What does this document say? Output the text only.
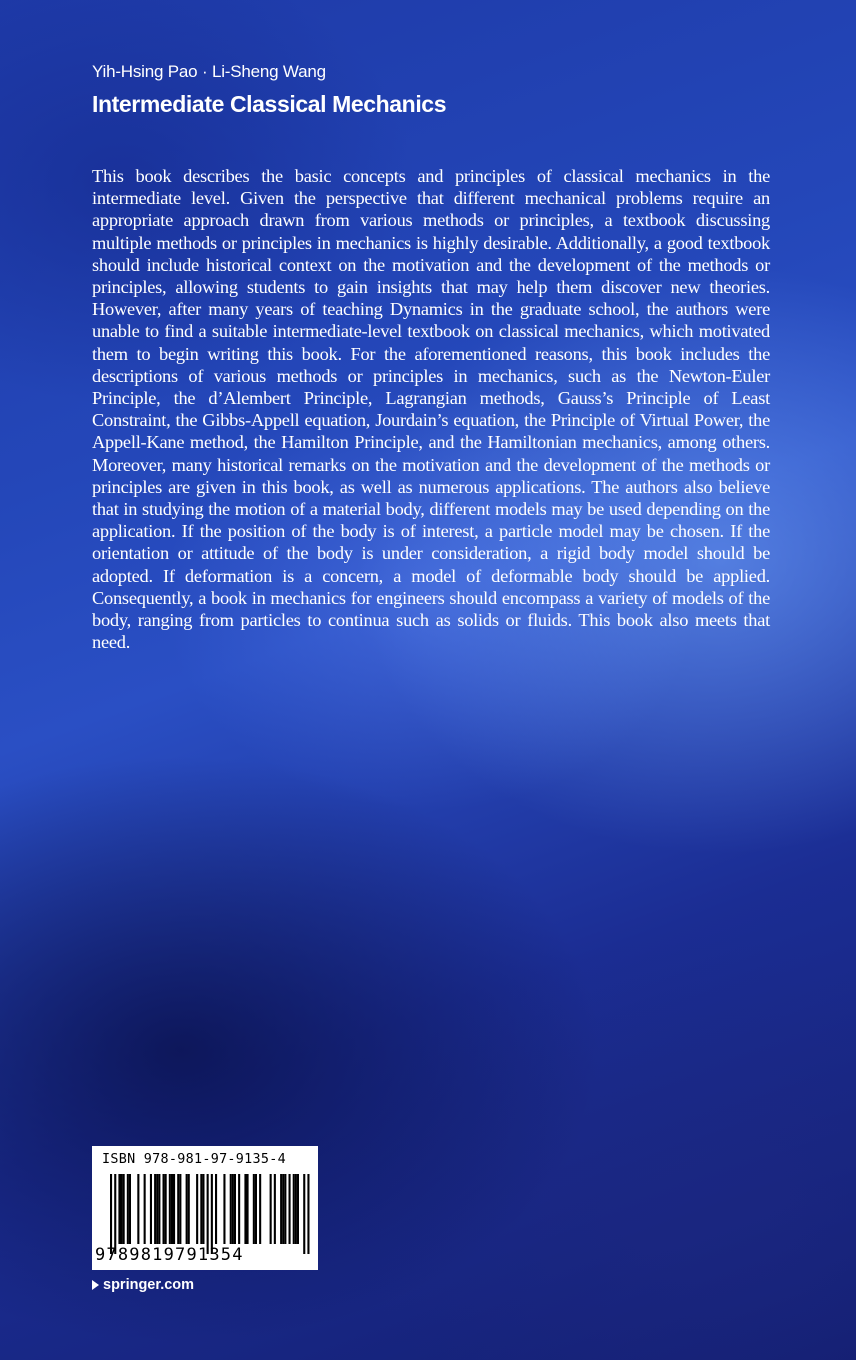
Yih-Hsing Pao · Li-Sheng Wang
Intermediate Classical Mechanics

This book describes the basic concepts and principles of classical mechanics in the intermediate level. Given the perspective that different mechanical problems require an appropriate approach drawn from various methods or principles, a textbook discussing multiple methods or principles in mechanics is highly desirable. Additionally, a good textbook should include historical context on the motivation and the development of the methods or principles, allowing students to gain insights that may help them discover new theories. However, after many years of teaching Dynamics in the graduate school, the authors were unable to find a suitable intermediate-level textbook on classical mechanics, which motivated them to begin writing this book. For the aforementioned reasons, this book includes the descriptions of various methods or principles in mechanics, such as the Newton-Euler Principle, the d’Alembert Principle, Lagrangian methods, Gauss’s Principle of Least Constraint, the Gibbs-Appell equation, Jourdain’s equation, the Principle of Virtual Power, the Appell-Kane method, the Hamilton Principle, and the Hamiltonian mechanics, among others. Moreover, many historical remarks on the motivation and the development of the methods or principles are given in this book, as well as numerous applications. The authors also believe that in studying the motion of a material body, different models may be used depending on the application. If the position of the body is of interest, a particle model may be chosen. If the orientation or attitude of the body is under consideration, a rigid body model should be adopted. If deformation is a concern, a model of deformable body should be applied. Consequently, a book in mechanics for engineers should encompass a variety of models of the body, ranging from particles to continua such as solids or fluids. This book also meets that need.

ISBN 978-981-97-9135-4
9789819791354
springer.com
